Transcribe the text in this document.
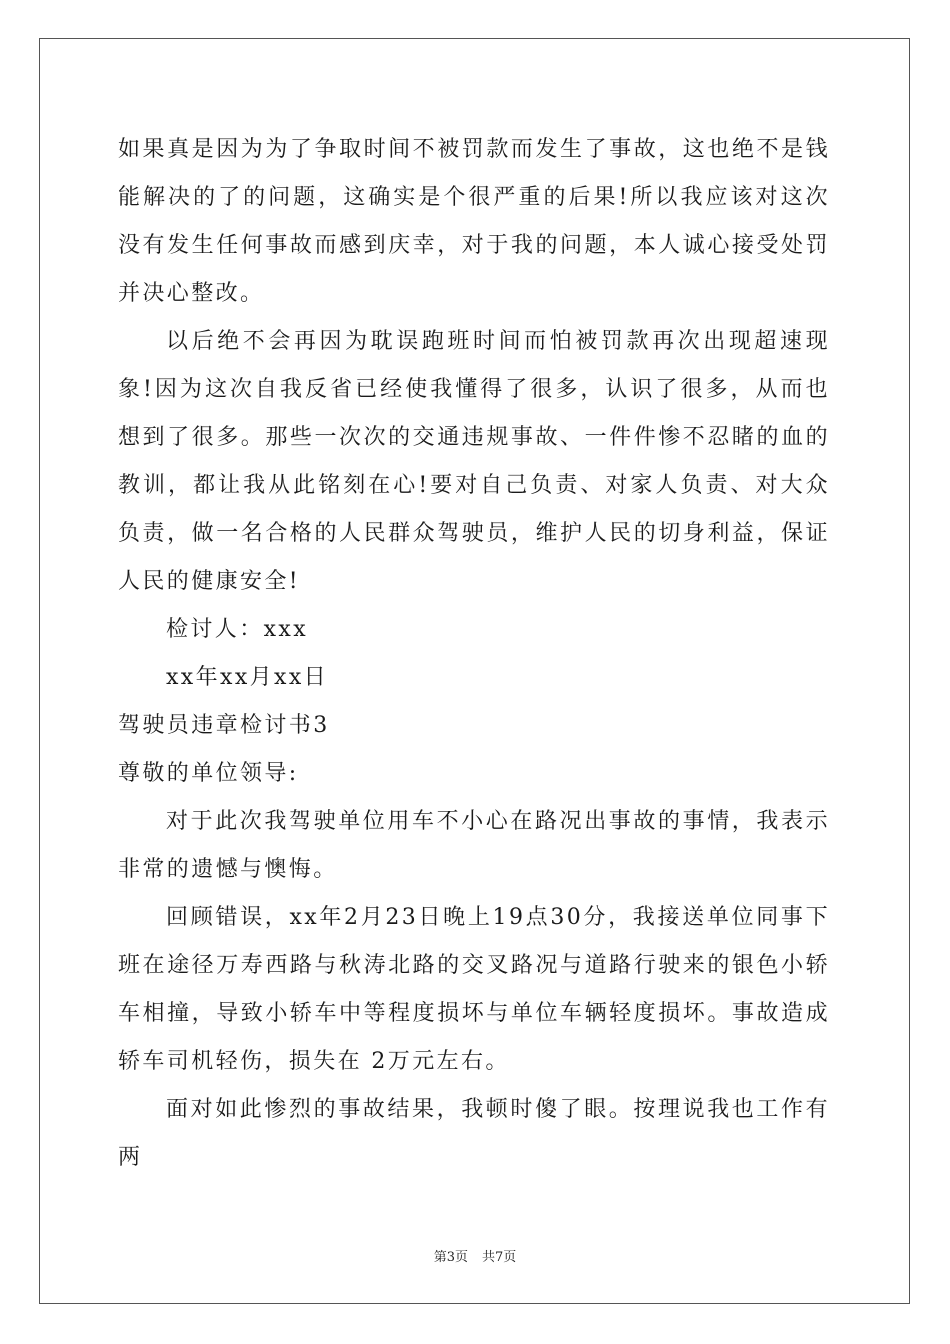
如果真是因为为了争取时间不被罚款而发生了事故，这也绝不是钱能解决的了的问题，这确实是个很严重的后果!所以我应该对这次没有发生任何事故而感到庆幸，对于我的问题，本人诚心接受处罚并决心整改。

以后绝不会再因为耽误跑班时间而怕被罚款再次出现超速现象!因为这次自我反省已经使我懂得了很多，认识了很多，从而也想到了很多。那些一次次的交通违规事故、一件件惨不忍睹的血的教训，都让我从此铭刻在心!要对自己负责、对家人负责、对大众负责，做一名合格的人民群众驾驶员，维护人民的切身利益，保证人民的健康安全!

检讨人：xxx

xx年xx月xx日

驾驶员违章检讨书3

尊敬的单位领导:

对于此次我驾驶单位用车不小心在路况出事故的事情，我表示非常的遗憾与懊悔。

回顾错误，xx年2月23日晚上19点30分，我接送单位同事下班在途径万寿西路与秋涛北路的交叉路况与道路行驶来的银色小轿车相撞，导致小轿车中等程度损坏与单位车辆轻度损坏。事故造成轿车司机轻伤，损失在 2万元左右。

面对如此惨烈的事故结果，我顿时傻了眼。按理说我也工作有两

第3页 共7页
